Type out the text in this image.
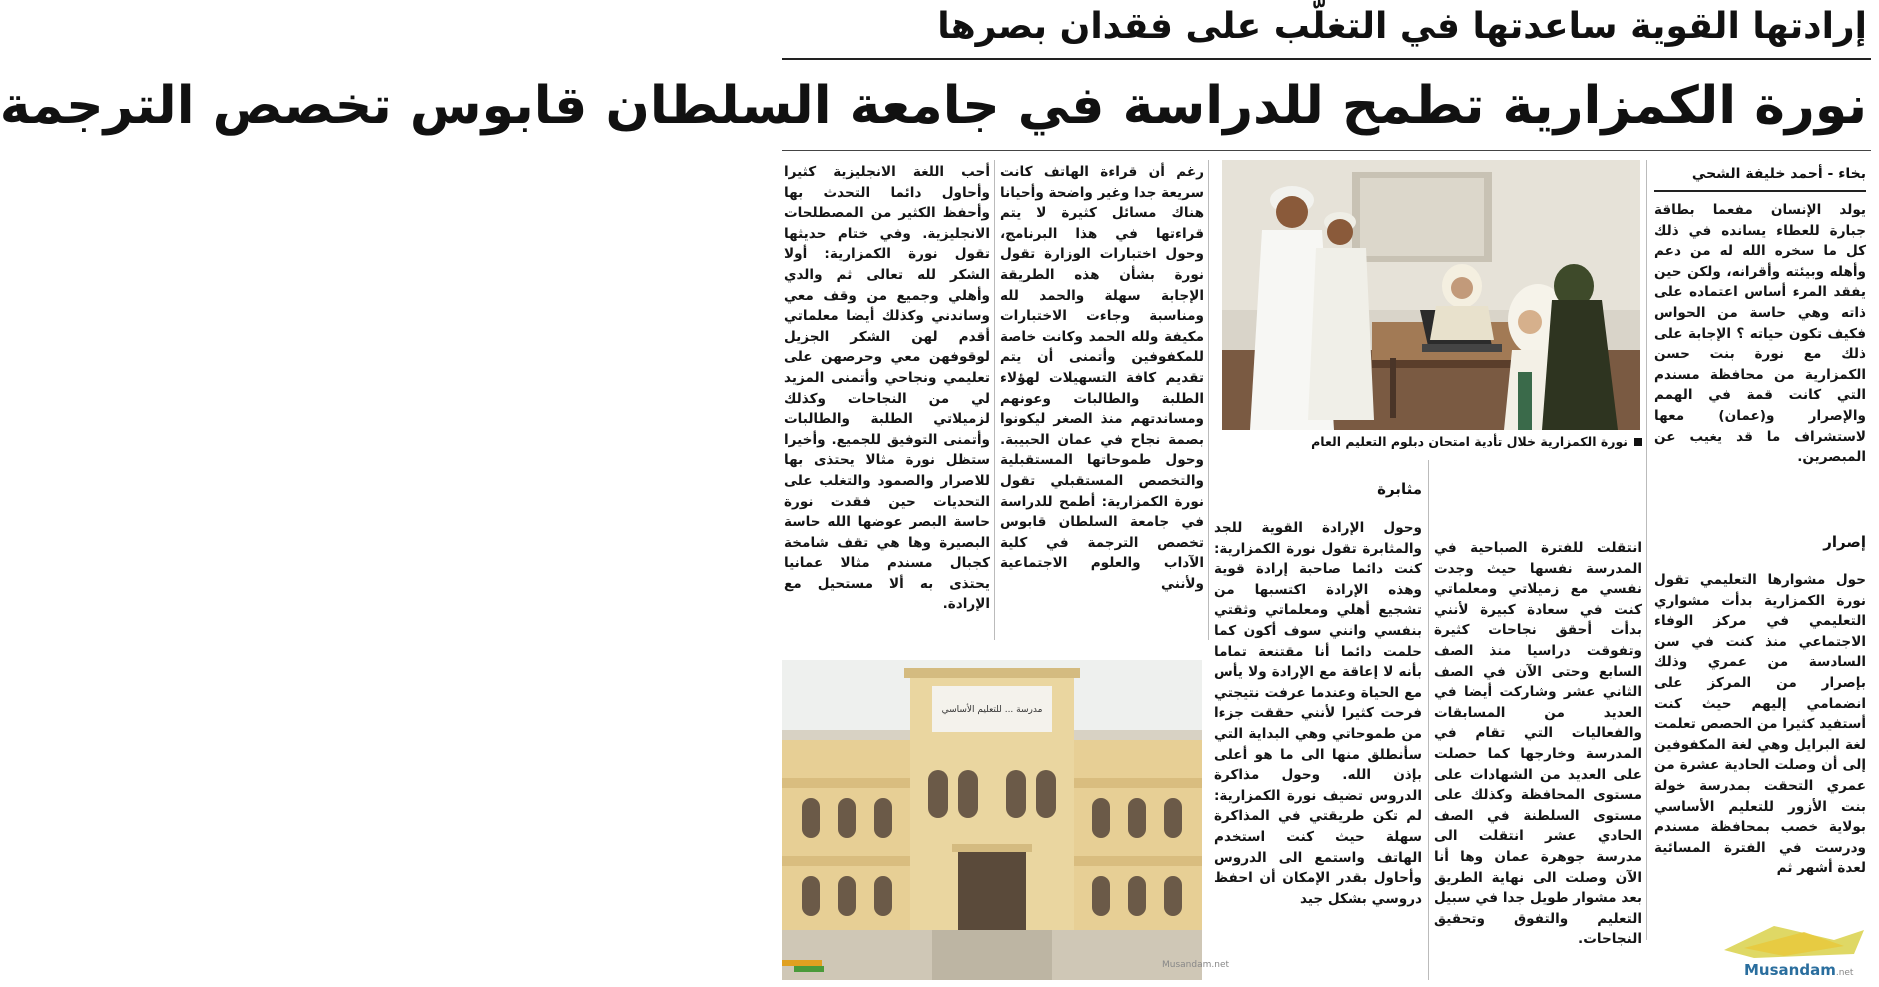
إرادتها القوية ساعدتها في التغلّب على فقدان بصرها
نورة الكمزارية تطمح للدراسة في جامعة السلطان قابوس تخصص الترجمة
بخاء - أحمد خليفة الشحي

يولد الإنسان مفعما بطاقة جبارة للعطاء يسانده في ذلك كل ما سخره الله له من دعم وأهله وبيئته وأقرانه، ولكن حين يفقد المرء أساس اعتماده على ذاته وهي حاسة من الحواس فكيف تكون حياته ؟ الإجابة على ذلك مع نورة بنت حسن الكمزارية من محافظة مسندم التي كانت قمة في الهمم والإصرار و(عمان) معها لاستشراف ما قد يغيب عن المبصرين.

إصرار

حول مشوارها التعليمي تقول نورة الكمزارية بدأت مشواري التعليمي في مركز الوفاء الاجتماعي منذ كنت في سن السادسة من عمري وذلك بإصرار من المركز على انضمامي إليهم حيث كنت أستفيد كثيرا من الحصص تعلمت لغة البرايل وهي لغة المكفوفين إلى أن وصلت الحادية عشرة من عمري التحقت بمدرسة خولة بنت الأزور للتعليم الأساسي بولاية خصب بمحافظة مسندم ودرست في الفترة المسائية لعدة أشهر ثم

نورة الكمزارية خلال تأدية امتحان دبلوم التعليم العام

انتقلت للفترة الصباحية في المدرسة نفسها حيث وجدت نفسي مع زميلاتي ومعلماتي كنت في سعادة كبيرة لأنني بدأت أحقق نجاحات كثيرة وتفوقت دراسيا منذ الصف السابع وحتى الآن في الصف الثاني عشر وشاركت أيضا في العديد من المسابقات والفعاليات التي تقام في المدرسة وخارجها كما حصلت على العديد من الشهادات على مستوى المحافظة وكذلك على مستوى السلطنة في الصف الحادي عشر انتقلت الى مدرسة جوهرة عمان وها أنا الآن وصلت الى نهاية الطريق بعد مشوار طويل جدا في سبيل التعليم والتفوق وتحقيق النجاحات.

مثابرة

وحول الإرادة القوية للجد والمثابرة تقول نورة الكمزارية: كنت دائما صاحبة إرادة قوية وهذه الإرادة اكتسبها من تشجيع أهلي ومعلماتي وثقتي بنفسي وانني سوف أكون كما حلمت دائما أنا مقتنعة تماما بأنه لا إعاقة مع الإرادة ولا يأس مع الحياة وعندما عرفت نتيجتي فرحت كثيرا لأنني حققت جزءا من طموحاتي وهي البداية التي سأنطلق منها الى ما هو أعلى بإذن الله. وحول مذاكرة الدروس تضيف نورة الكمزارية: لم تكن طريقتي في المذاكرة سهلة حيث كنت استخدم الهاتف واستمع الى الدروس وأحاول بقدر الإمكان أن احفظ دروسي بشكل جيد

رغم أن قراءة الهاتف كانت سريعة جدا وغير واضحة وأحيانا هناك مسائل كثيرة لا يتم قراءتها في هذا البرنامج، وحول اختبارات الوزارة تقول نورة بشأن هذه الطريقة الإجابة سهلة والحمد لله ومناسبة وجاءت الاختبارات مكيفة ولله الحمد وكانت خاصة للمكفوفين وأتمنى أن يتم تقديم كافة التسهيلات لهؤلاء الطلبة والطالبات وعونهم ومساندتهم منذ الصغر ليكونوا بصمة نجاح في عمان الحبيبة. وحول طموحاتها المستقبلية والتخصص المستقبلي تقول نورة الكمزارية: أطمح للدراسة في جامعة السلطان قابوس تخصص الترجمة في كلية الآداب والعلوم الاجتماعية ولأنني

أحب اللغة الانجليزية كثيرا وأحاول دائما التحدث بها وأحفظ الكثير من المصطلحات الانجليزية. وفي ختام حديثها تقول نورة الكمزارية: أولا الشكر لله تعالى ثم والدي وأهلي وجميع من وقف معي وساندني وكذلك أيضا معلماتي أقدم لهن الشكر الجزيل لوقوفهن معي وحرصهن على تعليمي ونجاحي وأتمنى المزيد لي من النجاحات وكذلك لزميلاتي الطلبة والطالبات وأتمنى التوفيق للجميع. وأخيرا ستظل نورة مثالا يحتذى بها للاصرار والصمود والتغلب على التحديات حين فقدت نورة حاسة البصر عوضها الله حاسة البصيرة وها هي تقف شامخة كجبال مسندم مثالا عمانيا يحتذى به ألا مستحيل مع الإرادة.

مدرسة ... للتعليم الأساسي
Musandam.net	Musandam.net
